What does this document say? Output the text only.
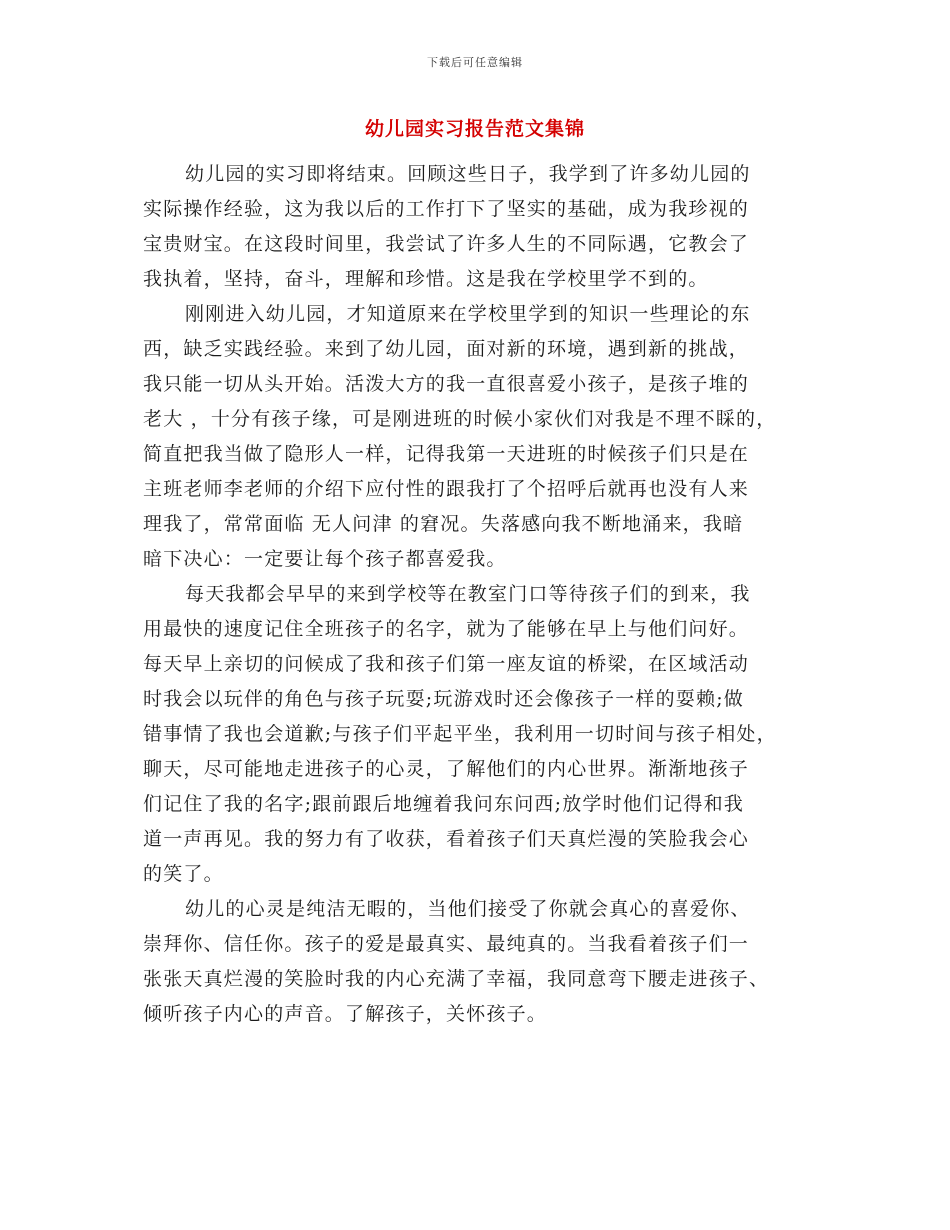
下载后可任意编辑
幼儿园实习报告范文集锦
幼儿园的实习即将结束。回顾这些日子，我学到了许多幼儿园的
实际操作经验，这为我以后的工作打下了坚实的基础，成为我珍视的
宝贵财宝。在这段时间里，我尝试了许多人生的不同际遇，它教会了
我执着，坚持，奋斗，理解和珍惜。这是我在学校里学不到的。
刚刚进入幼儿园，才知道原来在学校里学到的知识一些理论的东
西，缺乏实践经验。来到了幼儿园，面对新的环境，遇到新的挑战，
我只能一切从头开始。活泼大方的我一直很喜爱小孩子，是孩子堆的
老大 ，十分有孩子缘，可是刚进班的时候小家伙们对我是不理不睬的，
简直把我当做了隐形人一样，记得我第一天进班的时候孩子们只是在
主班老师李老师的介绍下应付性的跟我打了个招呼后就再也没有人来
理我了，常常面临 无人问津 的窘况。失落感向我不断地涌来，我暗
暗下决心：一定要让每个孩子都喜爱我。
每天我都会早早的来到学校等在教室门口等待孩子们的到来，我
用最快的速度记住全班孩子的名字，就为了能够在早上与他们问好。
每天早上亲切的问候成了我和孩子们第一座友谊的桥梁，在区域活动
时我会以玩伴的角色与孩子玩耍;玩游戏时还会像孩子一样的耍赖;做
错事情了我也会道歉;与孩子们平起平坐，我利用一切时间与孩子相处，
聊天，尽可能地走进孩子的心灵，了解他们的内心世界。渐渐地孩子
们记住了我的名字;跟前跟后地缠着我问东问西;放学时他们记得和我
道一声再见。我的努力有了收获，看着孩子们天真烂漫的笑脸我会心
的笑了。
幼儿的心灵是纯洁无暇的，当他们接受了你就会真心的喜爱你、
崇拜你、信任你。孩子的爱是最真实、最纯真的。当我看着孩子们一
张张天真烂漫的笑脸时我的内心充满了幸福，我同意弯下腰走进孩子、
倾听孩子内心的声音。了解孩子，关怀孩子。
